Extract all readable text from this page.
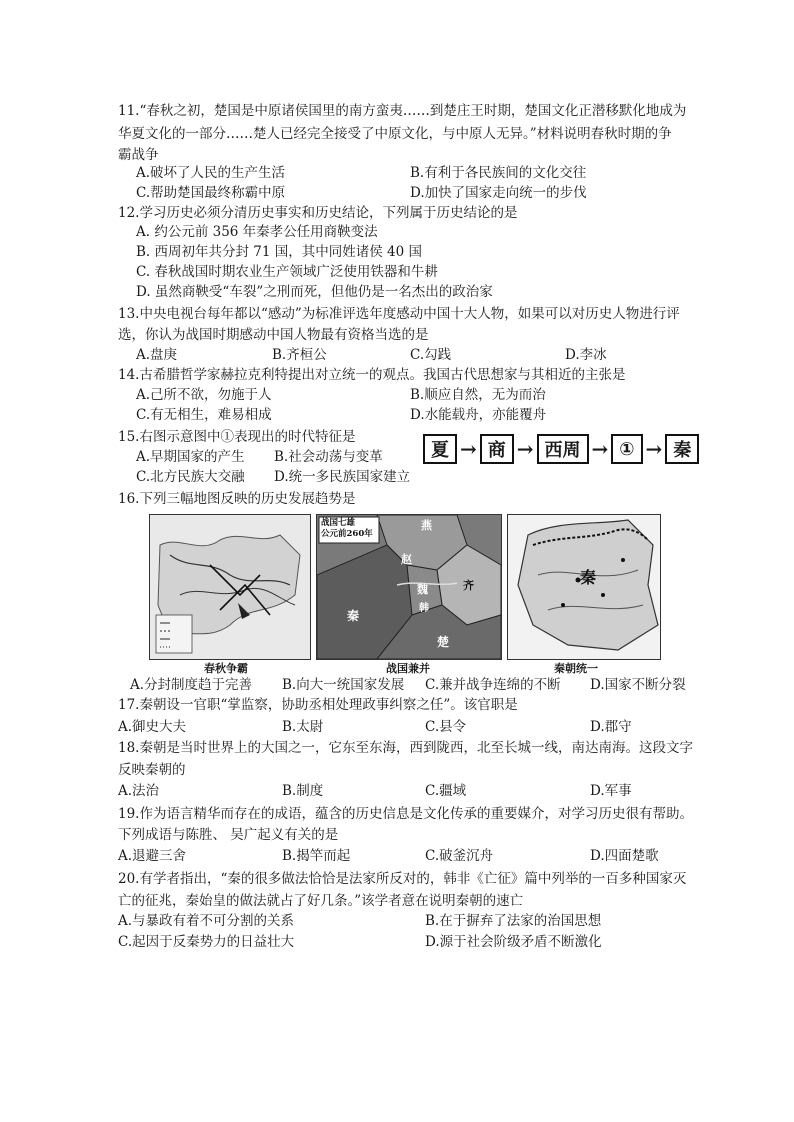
11.“春秋之初，楚国是中原诸侯国里的南方蛮夷……到楚庄王时期，楚国文化正潜移默化地成为
华夏文化的一部分……楚人已经完全接受了中原文化，与中原人无异。”材料说明春秋时期的争
霸战争
A.破坏了人民的生产生活	B.有利于各民族间的文化交往
C.帮助楚国最终称霸中原	D.加快了国家走向统一的步伐
12.学习历史必须分清历史事实和历史结论，下列属于历史结论的是
A. 约公元前 356 年秦孝公任用商鞅变法
B. 西周初年共分封 71 国，其中同姓诸侯 40 国
C. 春秋战国时期农业生产领域广泛使用铁器和牛耕
D. 虽然商鞅受“车裂”之刑而死，但他仍是一名杰出的政治家
13.中央电视台每年都以“感动”为标准评选年度感动中国十大人物，如果可以对历史人物进行评
选，你认为战国时期感动中国人物最有资格当选的是
A.盘庚	B.齐桓公	C.勾践	D.李冰
14.古希腊哲学家赫拉克利特提出对立统一的观点。我国古代思想家与其相近的主张是
A.己所不欲，勿施于人	B.顺应自然，无为而治
C.有无相生，难易相成	D.水能载舟，亦能覆舟
15.右图示意图中①表现出的时代特征是
A.早期国家的产生 B.社会动荡与变革
C.北方民族大交融 D.统一多民族国家建立
夏 → 商 → 西周 → ① → 秦
16.下列三幅地图反映的历史发展趋势是
战国七雄
公元前260年
燕
赵
齐
魏
韩
秦
楚
秦
春秋争霸	战国兼并	秦朝统一
A.分封制度趋于完善 B.向大一统国家发展 C.兼并战争连绵的不断 D.国家不断分裂
17.秦朝设一官职“掌监察，协助丞相处理政事纠察之任”。该官职是
A.御史大夫	B.太尉	C.县令	D.郡守
18.秦朝是当时世界上的大国之一，它东至东海，西到陇西，北至长城一线，南达南海。这段文字
反映秦朝的
A.法治	B.制度	C.疆域	D.军事
19.作为语言精华而存在的成语，蕴含的历史信息是文化传承的重要媒介，对学习历史很有帮助。
下列成语与陈胜、 吴广起义有关的是
A.退避三舍	B.揭竿而起	C.破釜沉舟	D.四面楚歌
20.有学者指出，“秦的很多做法恰恰是法家所反对的，韩非《亡征》篇中列举的一百多种国家灭
亡的征兆，秦始皇的做法就占了好几条。”该学者意在说明秦朝的速亡
A.与暴政有着不可分割的关系	B.在于摒弃了法家的治国思想
C.起因于反秦势力的日益壮大	D.源于社会阶级矛盾不断激化
